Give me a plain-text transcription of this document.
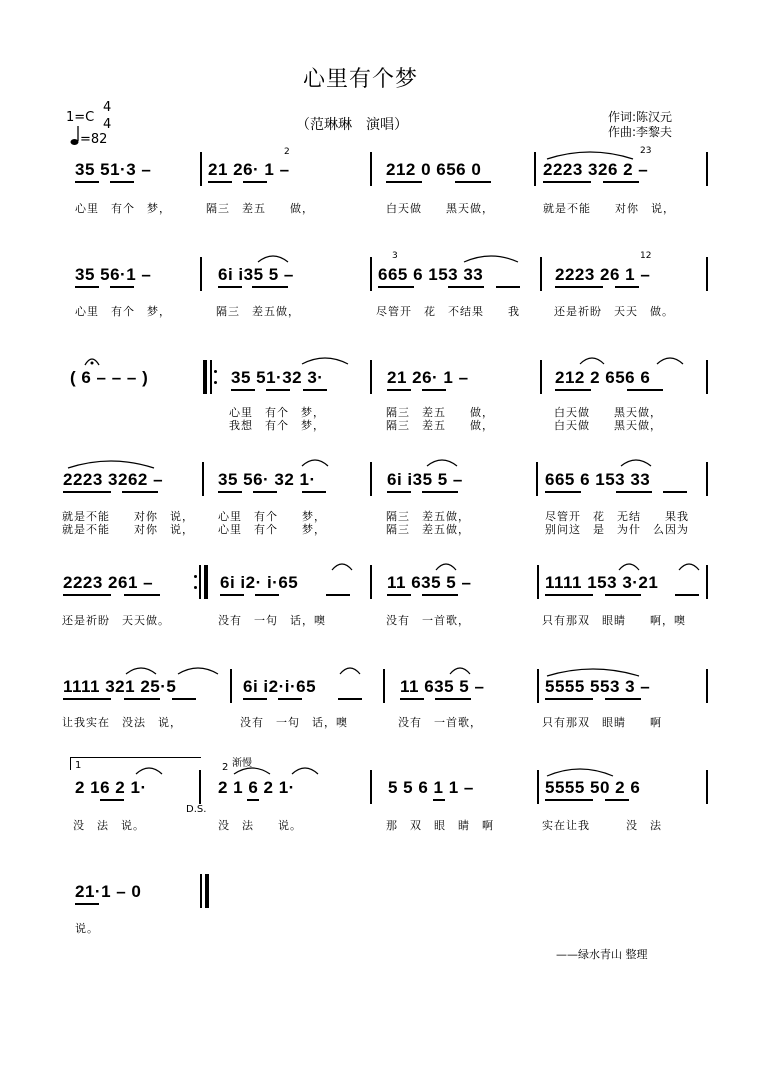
心里有个梦
（范琳琳　演唱）
1=C
4
4
=82
作词:陈汉元
作曲:李黎夫
35 51·3 –	21 26· 1 –	212 0 656 0	2223 326 2 –
2	23
心里　有个　梦，	隔三　差五　　做，	白天做　　黑天做，	就是不能　　对你　说，
35 56·1 –	6i i35 5 –	665 6 153 33	2223 26 1 –
3	12
心里　有个　梦，	隔三　差五做，	尽管开　花　不结果　　我	还是祈盼　天天　做。
( 6 – – – )	35 51·32 3·	21 26· 1 –	212 2 656 6
心里　有个　梦，	隔三　差五　　做，	白天做　　黑天做，
我想　有个　梦，	隔三　差五　　做，	白天做　　黑天做，
2223 3262 –	35 56· 32 1·	6i i35 5 –	665 6 153 33
就是不能　　对你　说， 心里　有个　　梦，	隔三　差五做，	尽管开　花　无结　　果我
就是不能　　对你　说， 心里　有个　　梦，	隔三　差五做，	别问这　是　为什　么因为
2223 261 –	6i i2· i·65	11 635 5 –	1111 153 3·21
还是祈盼　天天做。	没有　一句　话，噢	没有　一首歌，	只有那双　眼睛　　啊，噢
1111 321 25·5	6i i2·i·65	11 635 5 –	5555 553 3 –
让我实在　没法　说，	没有　一句　话，噢	没有　一首歌，	只有那双　眼睛　　啊
1	2 渐慢
2 16 2 1·	2 1 6 2 1·	5 5 6 1 1 –	5555 50 2 6
D.S.
没　法　说。	没　法　　说。	那　双　眼　睛　啊	实在让我　　　没　法
21·1 – 0
说。
——绿水青山 整理
